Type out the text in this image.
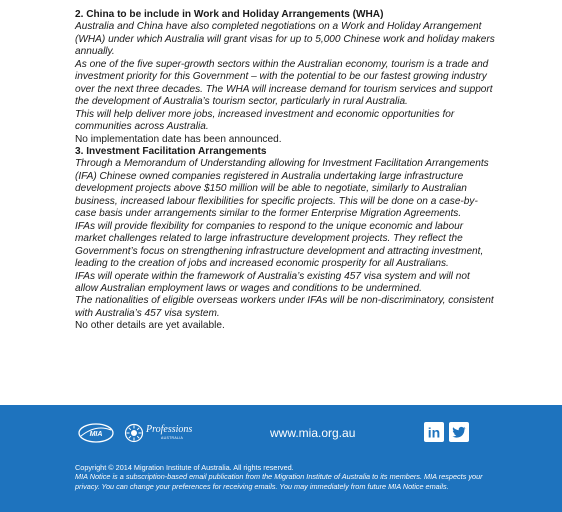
2. China to be include in Work and Holiday Arrangements (WHA)

Australia and China have also completed negotiations on a Work and Holiday Arrangement (WHA) under which Australia will grant visas for up to 5,000 Chinese work and holiday makers annually.

As one of the five super-growth sectors within the Australian economy, tourism is a trade and investment priority for this Government – with the potential to be our fastest growing industry over the next three decades. The WHA will increase demand for tourism services and support the development of Australia’s tourism sector, particularly in rural Australia.

This will help deliver more jobs, increased investment and economic opportunities for communities across Australia.

No implementation date has been announced.

3. Investment Facilitation Arrangements

Through a Memorandum of Understanding allowing for Investment Facilitation Arrangements (IFA) Chinese owned companies registered in Australia undertaking large infrastructure development projects above $150 million will be able to negotiate, similarly to Australian business, increased labour flexibilities for specific projects. This will be done on a case-by-case basis under arrangements similar to the former Enterprise Migration Agreements.

IFAs will provide flexibility for companies to respond to the unique economic and labour market challenges related to large infrastructure development projects. They reflect the Government’s focus on strengthening infrastructure development and attracting investment, leading to the creation of jobs and increased economic prosperity for all Australians.

IFAs will operate within the framework of Australia’s existing 457 visa system and will not allow Australian employment laws or wages and conditions to be undermined.

The nationalities of eligible overseas workers under IFAs will be non-discriminatory, consistent with Australia’s 457 visa system.

No other details are yet available.

MIA	Professions
AUSTRALIA	www.mia.org.au	in

Copyright © 2014 Migration Institute of Australia. All rights reserved.

MIA Notice is a subscription-based email publication from the Migration Institute of Australia to its members. MIA respects your privacy. You can change your preferences for receiving emails. You may immediately from future MIA Notice emails.
